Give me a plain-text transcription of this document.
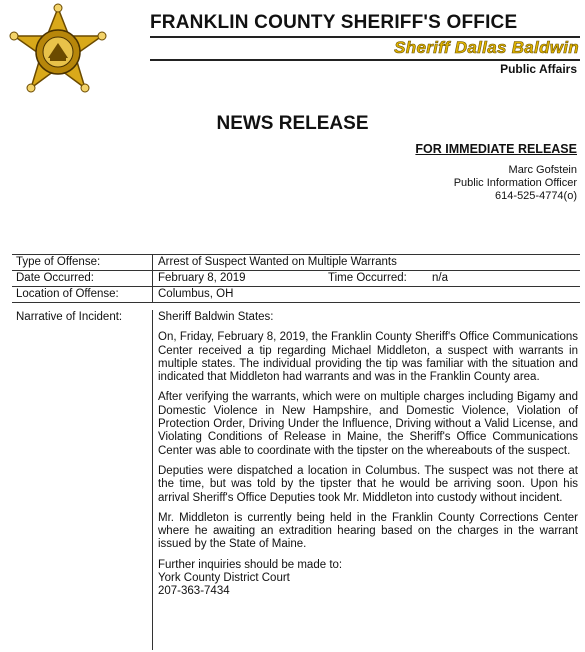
FRANKLIN COUNTY SHERIFF'S OFFICE
Sheriff Dallas Baldwin
Public Affairs
NEWS RELEASE
FOR IMMEDIATE RELEASE
Marc Gofstein
Public Information Officer
614-525-4774(o)
Type of Offense:	Arrest of Suspect Wanted on Multiple Warrants
Date Occurred:	February 8, 2019	Time Occurred: n/a
Location of Offense:	Columbus, OH
Narrative of Incident:	Sheriff Baldwin States:

On, Friday, February 8, 2019, the Franklin County Sheriff's Office Communications Center received a tip regarding Michael Middleton, a suspect with warrants in multiple states. The individual providing the tip was familiar with the situation and indicated that Middleton had warrants and was in the Franklin County area.

After verifying the warrants, which were on multiple charges including Bigamy and Domestic Violence in New Hampshire, and Domestic Violence, Violation of Protection Order, Driving Under the Influence, Driving without a Valid License, and Violating Conditions of Release in Maine, the Sheriff's Office Communications Center was able to coordinate with the tipster on the whereabouts of the suspect.

Deputies were dispatched a location in Columbus. The suspect was not there at the time, but was told by the tipster that he would be arriving soon. Upon his arrival Sheriff's Office Deputies took Mr. Middleton into custody without incident.

Mr. Middleton is currently being held in the Franklin County Corrections Center where he awaiting an extradition hearing based on the charges in the warrant issued by the State of Maine.

Further inquiries should be made to:

York County District Court

207-363-7434
